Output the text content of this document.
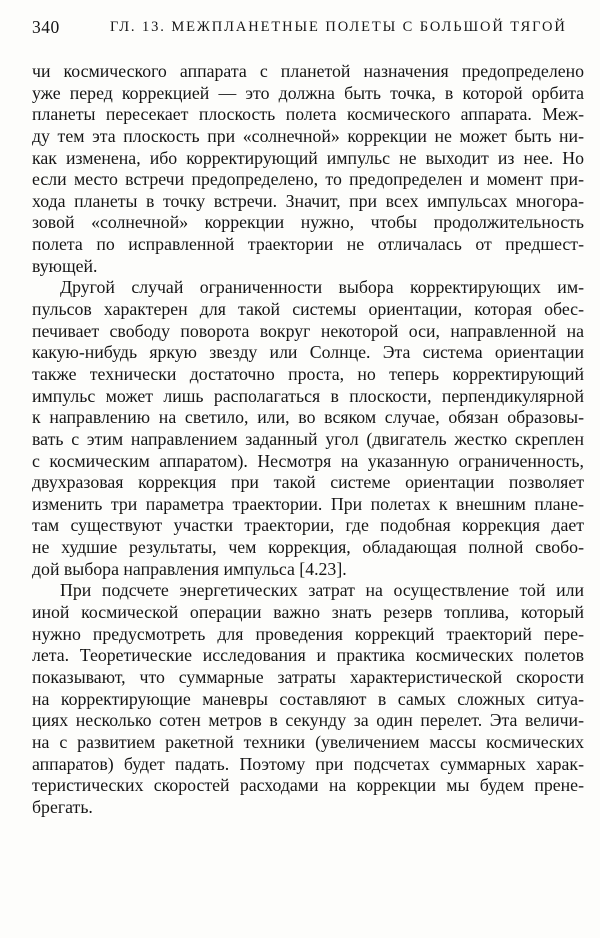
340	ГЛ. 13. МЕЖПЛАНЕТНЫЕ ПОЛЕТЫ С БОЛЬШОЙ ТЯГОЙ
чи космического аппарата с планетой назначения предопределено
уже перед коррекцией — это должна быть точка, в которой орбита
планеты пересекает плоскость полета космического аппарата. Меж-
ду тем эта плоскость при «солнечной» коррекции не может быть ни-
как изменена, ибо корректирующий импульс не выходит из нее. Но
если место встречи предопределено, то предопределен и момент при-
хода планеты в точку встречи. Значит, при всех импульсах многора-
зовой «солнечной» коррекции нужно, чтобы продолжительность
полета по исправленной траектории не отличалась от предшест-
вующей.
Другой случай ограниченности выбора корректирующих им-
пульсов характерен для такой системы ориентации, которая обес-
печивает свободу поворота вокруг некоторой оси, направленной на
какую-нибудь яркую звезду или Солнце. Эта система ориентации
также технически достаточно проста, но теперь корректирующий
импульс может лишь располагаться в плоскости, перпендикулярной
к направлению на светило, или, во всяком случае, обязан образовы-
вать с этим направлением заданный угол (двигатель жестко скреплен
с космическим аппаратом). Несмотря на указанную ограниченность,
двухразовая коррекция при такой системе ориентации позволяет
изменить три параметра траектории. При полетах к внешним плане-
там существуют участки траектории, где подобная коррекция дает
не худшие результаты, чем коррекция, обладающая полной свобо-
дой выбора направления импульса [4.23].
При подсчете энергетических затрат на осуществление той или
иной космической операции важно знать резерв топлива, который
нужно предусмотреть для проведения коррекций траекторий пере-
лета. Теоретические исследования и практика космических полетов
показывают, что суммарные затраты характеристической скорости
на корректирующие маневры составляют в самых сложных ситуа-
циях несколько сотен метров в секунду за один перелет. Эта величи-
на с развитием ракетной техники (увеличением массы космических
аппаратов) будет падать. Поэтому при подсчетах суммарных харак-
теристических скоростей расходами на коррекции мы будем прене-
брегать.
